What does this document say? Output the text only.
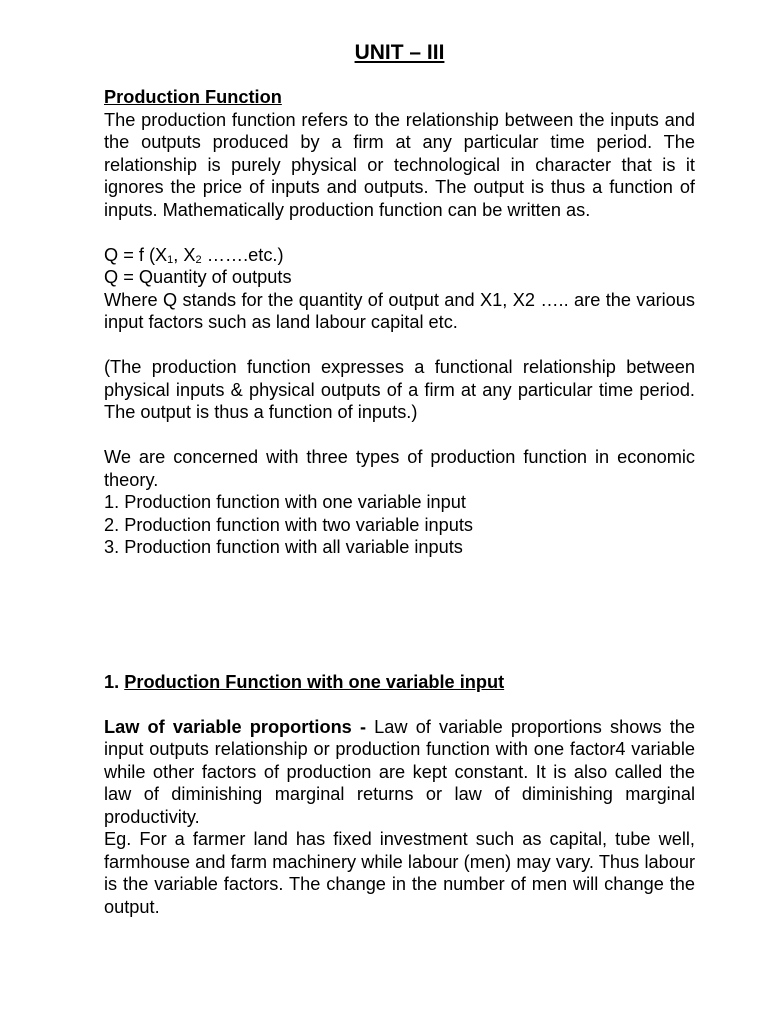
UNIT – III

Production Function

The production function refers to the relationship between the inputs and the outputs produced by a firm at any particular time period. The relationship is purely physical or technological in character that is it ignores the price of inputs and outputs. The output is thus a function of inputs. Mathematically production function can be written as.

Q = f ($X_1$, $X_2$ …….etc.)

Q = Quantity of outputs

Where Q stands for the quantity of output and X1, X2 ….. are the various input factors such as land labour capital etc.

(The production function expresses a functional relationship between physical inputs & physical outputs of a firm at any particular time period. The output is thus a function of inputs.)

We are concerned with three types of production function in economic theory.

1. Production function with one variable input
2. Production function with two variable inputs
3. Production function with all variable inputs

1. Production Function with one variable input

Law of variable proportions - Law of variable proportions shows the input outputs relationship or production function with one factor4 variable while other factors of production are kept constant. It is also called the law of diminishing marginal returns or law of diminishing marginal productivity.

Eg. For a farmer land has fixed investment such as capital, tube well, farmhouse and farm machinery while labour (men) may vary. Thus labour is the variable factors. The change in the number of men will change the output.
